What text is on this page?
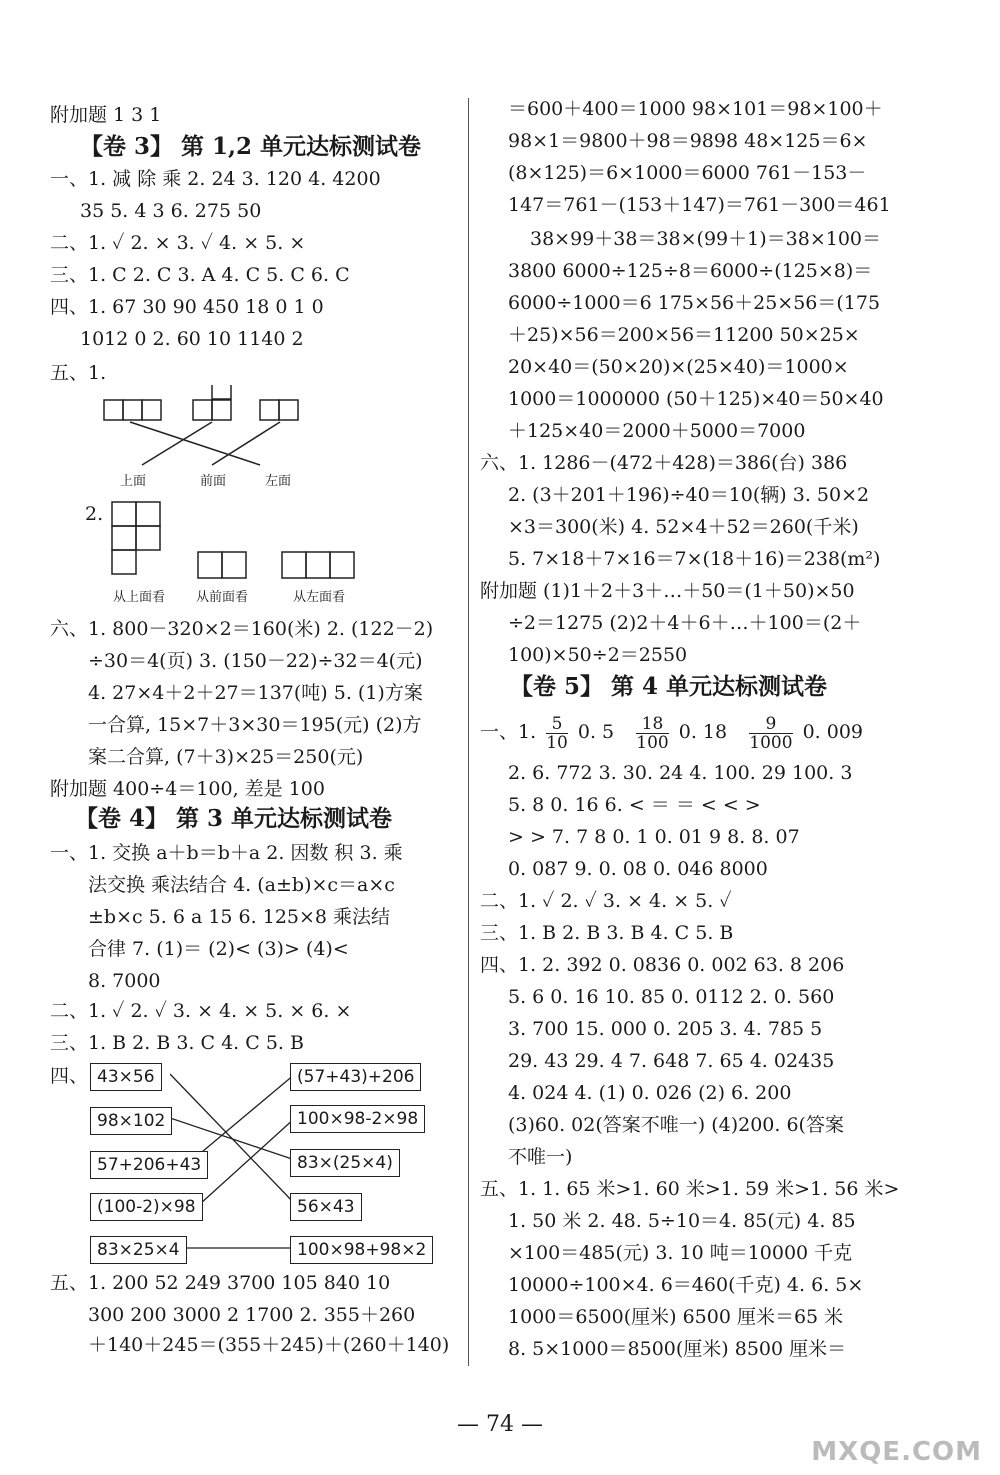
附加题 1 3 1
【卷 3】 第 1,2 单元达标测试卷
一、1. 减 除 乘 2. 24 3. 120 4. 4200
35 5. 4 3 6. 275 50
二、1. ✓ 2. × 3. ✓ 4. × 5. ×
三、1. C 2. C 3. A 4. C 5. C 6. C
四、1. 67 30 90 450 18 0 1 0
1012 0 2. 60 10 1140 2
五、1.
上面	前面	左面
2.
从上面看 从前面看	从左面看
六、1. 800－320×2＝160(米) 2. (122－2)
÷30＝4(页) 3. (150－22)÷32＝4(元)
4. 27×4＋2＋27＝137(吨) 5. (1)方案
一合算, 15×7＋3×30＝195(元) (2)方
案二合算, (7＋3)×25＝250(元)
附加题 400÷4＝100, 差是 100
【卷 4】 第 3 单元达标测试卷
一、1. 交换 a＋b＝b＋a 2. 因数 积 3. 乘
法交换 乘法结合 4. (a±b)×c＝a×c
±b×c 5. 6 a 15 6. 125×8 乘法结
合律 7. (1)＝ (2)< (3)> (4)<
8. 7000
二、1. ✓ 2. ✓ 3. × 4. × 5. × 6. ×
三、1. B 2. B 3. C 4. C 5. B
四、 43×56
98×102
57+206+43
(100-2)×98
83×25×4
(57+43)+206
100×98-2×98
83×(25×4)
56×43
100×98+98×2
五、1. 200 52 249 3700 105 840 10
300 200 3000 2 1700 2. 355＋260
＋140＋245＝(355＋245)＋(260＋140)
＝600＋400＝1000 98×101＝98×100＋
98×1＝9800＋98＝9898 48×125＝6×
(8×125)＝6×1000＝6000 761－153－
147＝761－(153＋147)＝761－300＝461
38×99＋38＝38×(99＋1)＝38×100＝
3800 6000÷125÷8＝6000÷(125×8)＝
6000÷1000＝6 175×56＋25×56＝(175
＋25)×56＝200×56＝11200 50×25×
20×40＝(50×20)×(25×40)＝1000×
1000＝1000000 (50＋125)×40＝50×40
＋125×40＝2000＋5000＝7000
六、1. 1286－(472＋428)＝386(台) 386
2. (3＋201＋196)÷40＝10(辆) 3. 50×2
×3＝300(米) 4. 52×4＋52＝260(千米)
5. 7×18＋7×16＝7×(18＋16)＝238(m²)
附加题 (1)1＋2＋3＋…＋50＝(1＋50)×50
÷2＝1275 (2)2＋4＋6＋…＋100＝(2＋
100)×50÷2＝2550
【卷 5】 第 4 单元达标测试卷
一、1. $\frac{5}{10} 0$. $5 \frac{18}{100} 0$. $18 \frac{9}{1000} 0$. 009
2. 6. 772 3. 30. 24 4. 100. 29 100. 3
5. 8 0. 16 6. < ＝ ＝ < < >
> > 7. 7 8 0. 1 0. 01 9 8. 8. 07
0. 087 9. 0. 08 0. 046 8000
二、1. ✓ 2. ✓ 3. × 4. × 5. ✓
三、1. B 2. B 3. B 4. C 5. B
四、1. 2. 392 0. 0836 0. 002 63. 8 206
5. 6 0. 16 10. 85 0. 0112 2. 0. 560
3. 700 15. 000 0. 205 3. 4. 785 5
29. 43 29. 4 7. 648 7. 65 4. 02435
4. 024 4. (1) 0. 026 (2) 6. 200
(3)60. 02(答案不唯一) (4)200. 6(答案
不唯一)
五、1. 1. 65 米>1. 60 米>1. 59 米>1. 56 米>
1. 50 米 2. 48. 5÷10＝4. 85(元) 4. 85
×100＝485(元) 3. 10 吨＝10000 千克
10000÷100×4. 6＝460(千克) 4. 6. 5×
1000＝6500(厘米) 6500 厘米＝65 米
8. 5×1000＝8500(厘米) 8500 厘米＝
— 74 —
MXQE.COM
